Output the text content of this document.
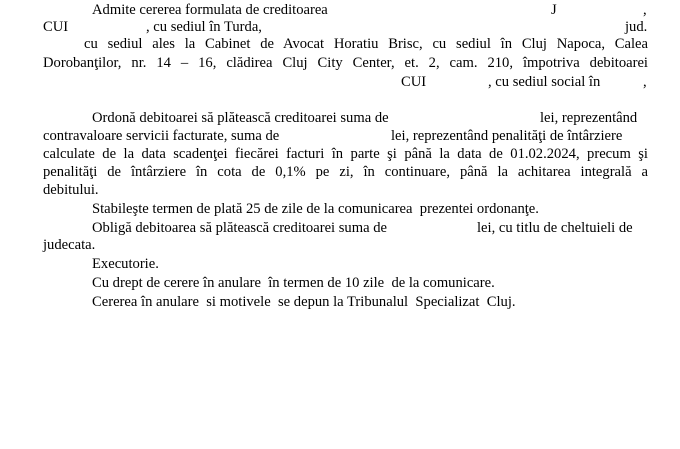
Admite cererea formulata de creditoarea	J	,
CUI	, cu sediul în Turda,	jud.
cu sediul ales la Cabinet de Avocat Horatiu Brisc, cu sediul în Cluj Napoca, Calea
Dorobanţilor, nr. 14 – 16, clădirea Cluj City Center, et. 2, cam. 210, împotriva debitoarei
CUI	, cu sediul social în	,
Ordonă debitoarei să plătească creditoarei suma de	lei, reprezentând
contravaloare servicii facturate, suma de	lei, reprezentând penalităţi de întârziere
calculate de la data scadenţei fiecărei facturi în parte şi până la data de 01.02.2024, precum şi
penalităţi de întârziere în cota de 0,1% pe zi, în continuare, până la achitarea integrală a
debitului.
Stabileşte termen de plată 25 de zile de la comunicarea  prezentei ordonanţe.
Obligă debitoarea să plătească creditoarei suma de	lei, cu titlu de cheltuieli de
judecata.
Executorie.
Cu drept de cerere în anulare  în termen de 10 zile  de la comunicare.
Cererea în anulare  si motivele  se depun la Tribunalul  Specializat  Cluj.
